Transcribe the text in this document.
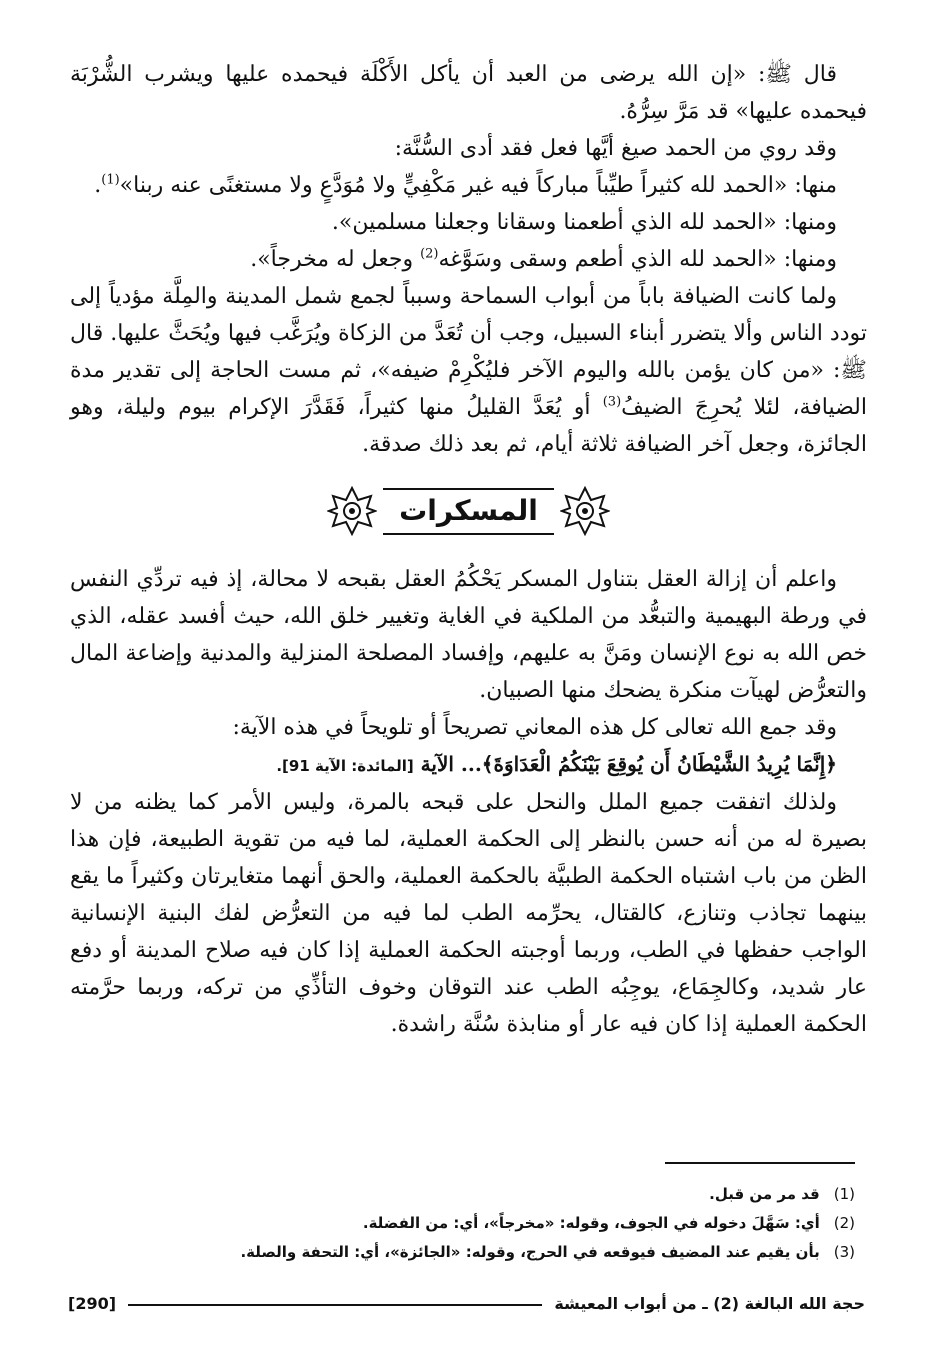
قال ﷺ: «إن الله يرضى من العبد أن يأكل الأَكْلَة فيحمده عليها ويشرب الشُّرْبَة فيحمده عليها» قد مَرَّ سِرُّهُ.

وقد روي من الحمد صيغ أيَّها فعل فقد أدى السُّنَّة:

منها: «الحمد لله كثيراً طيِّباً مباركاً فيه غير مَكْفِيٍّ ولا مُوَدَّعٍ ولا مستغنًى عنه ربنا»$^{(1)}$.

ومنها: «الحمد لله الذي أطعمنا وسقانا وجعلنا مسلمين».

ومنها: «الحمد لله الذي أطعم وسقى وسَوَّغه$^{(2)}$ وجعل له مخرجاً».

ولما كانت الضيافة باباً من أبواب السماحة وسبباً لجمع شمل المدينة والمِلَّة مؤدياً إلى تودد الناس وألا يتضرر أبناء السبيل، وجب أن تُعَدَّ من الزكاة ويُرَغَّب فيها ويُحَثَّ عليها. قال ﷺ: «من كان يؤمن بالله واليوم الآخر فليُكْرِمْ ضيفه»، ثم مست الحاجة إلى تقدير مدة الضيافة، لئلا يُحرِجَ الضيفُ$^{(3)}$ أو يُعَدَّ القليلُ منها كثيراً، فَقَدَّرَ الإكرام بيوم وليلة، وهو الجائزة، وجعل آخر الضيافة ثلاثة أيام، ثم بعد ذلك صدقة.

المسكرات

واعلم أن إزالة العقل بتناول المسكر يَحْكُمُ العقل بقبحه لا محالة، إذ فيه تردِّي النفس في ورطة البهيمية والتبعُّد من الملكية في الغاية وتغيير خلق الله، حيث أفسد عقله، الذي خص الله به نوع الإنسان ومَنَّ به عليهم، وإفساد المصلحة المنزلية والمدنية وإضاعة المال والتعرُّض لهيآت منكرة يضحك منها الصبيان.

وقد جمع الله تعالى كل هذه المعاني تصريحاً أو تلويحاً في هذه الآية:

﴿إِنَّمَا يُرِيدُ الشَّيْطَانُ أَن يُوقِعَ بَيْنَكُمُ الْعَدَاوَةَ﴾... الآية [المائدة: الآية 91].

ولذلك اتفقت جميع الملل والنحل على قبحه بالمرة، وليس الأمر كما يظنه من لا بصيرة له من أنه حسن بالنظر إلى الحكمة العملية، لما فيه من تقوية الطبيعة، فإن هذا الظن من باب اشتباه الحكمة الطبيَّة بالحكمة العملية، والحق أنهما متغايرتان وكثيراً ما يقع بينهما تجاذب وتنازع، كالقتال، يحرِّمه الطب لما فيه من التعرُّض لفك البنية الإنسانية الواجب حفظها في الطب، وربما أوجبته الحكمة العملية إذا كان فيه صلاح المدينة أو دفع عار شديد، وكالجِمَاع، يوجِبُه الطب عند التوقان وخوف التأذِّي من تركه، وربما حرَّمته الحكمة العملية إذا كان فيه عار أو منابذة سُنَّة راشدة.

(1)
قد مر من قبل.

(2)
أي: سَهَّلَ دخوله في الجوف، وقوله: «مخرجاً»، أي: من الفضلة.

(3)
بأن يقيم عند المضيف فيوقعه في الحرج، وقوله: «الجائزة»، أي: التحفة والصلة.

حجة الله البالغة (2) ـ من أبواب المعيشة
[290]
